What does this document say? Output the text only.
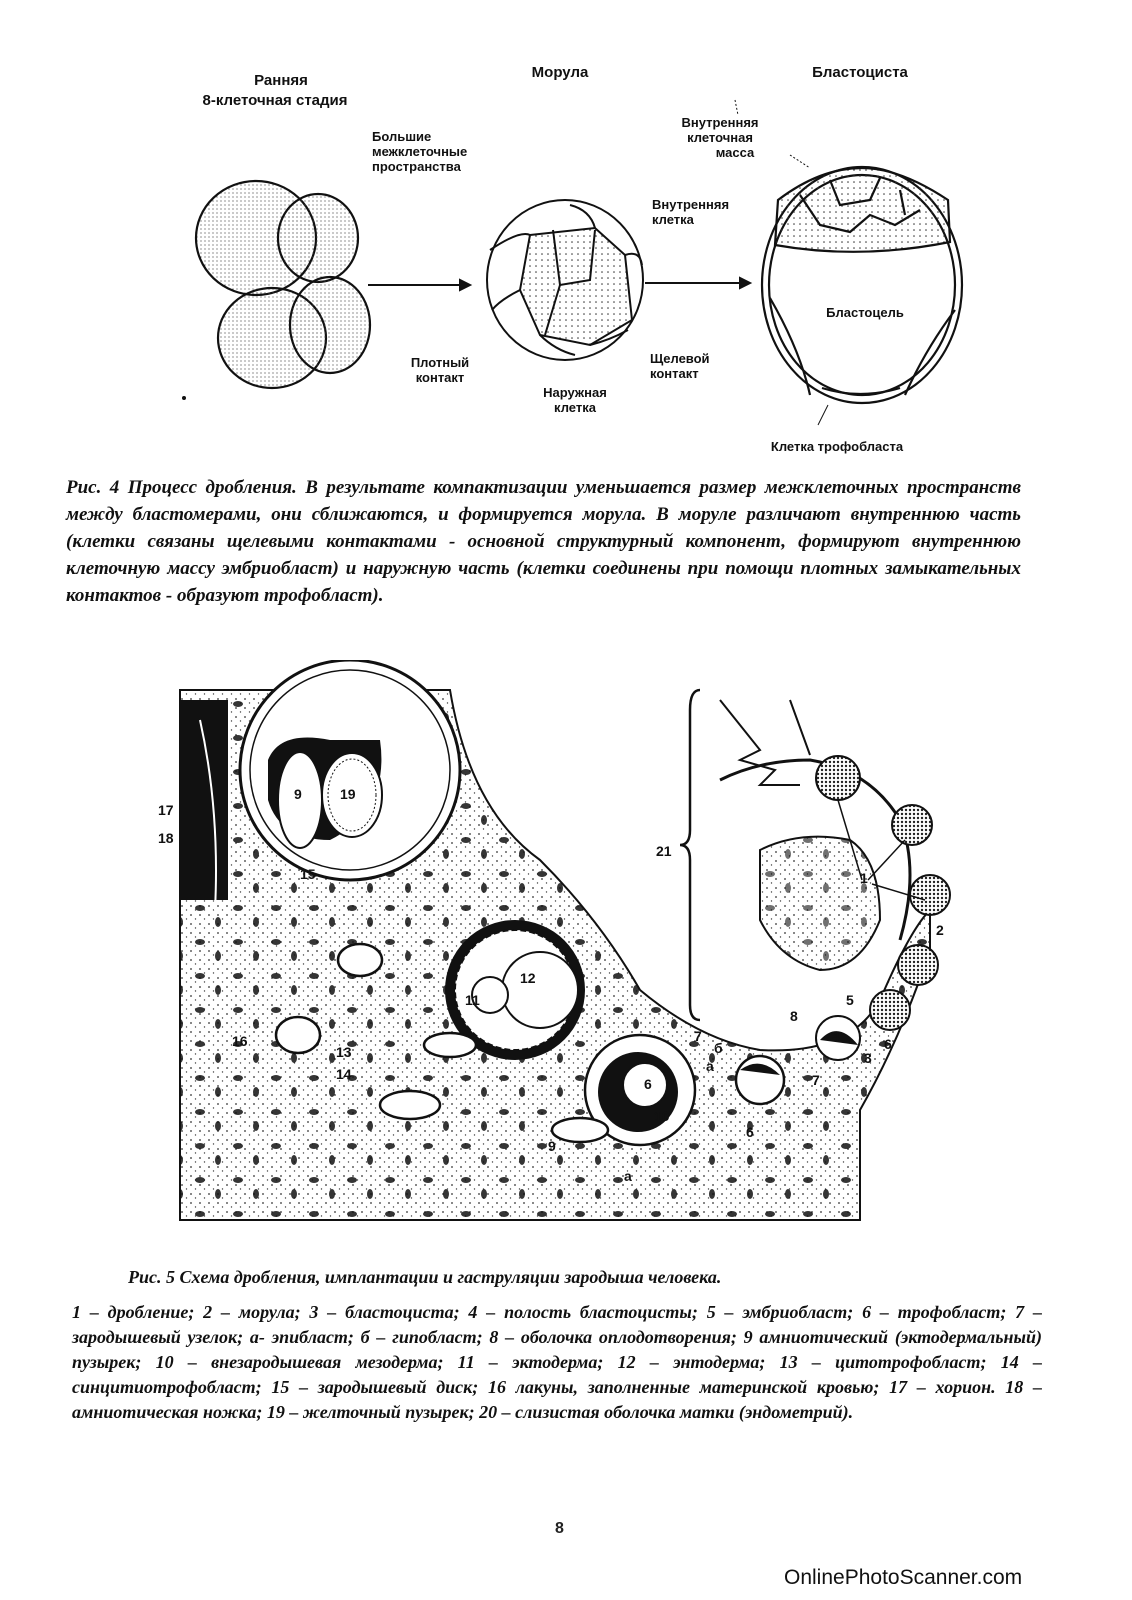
Ранняя
8-клеточная стадия
Морула	Бластоциста
Большие
межклеточные
пространства
Внутренняя
клеточная
масса
Внутренняя
клетка
Бластоцель
Плотный
контакт
Наружная
клетка
Щелевой
контакт
Клетка трофобласта
Рис. 4 Процесс дробления. В результате компактизации уменьшается размер межклеточных пространств между бластомерами, они сближаются, и формируется морула. В моруле различают внутреннюю часть (клетки связаны щелевыми контактами - основной структурный компонент, формируют внутреннюю клеточную массу эмбриобласт) и наружную часть (клетки соединены при помощи плотных замыкательных контактов - образуют трофобласт).
17
18
9	19
15
16
11
12
13
14
6
10
9
а
21
1
2
5
6
8
4
3
7
б
а
7
6
Рис. 5 Схема дробления, имплантации и гаструляции зародыша человека.
1 – дробление; 2 – морула; 3 – бластоциста; 4 – полость бластоцисты; 5 – эмбриобласт; 6 – трофобласт; 7 – зародышевый узелок; а- эпибласт; б – гипобласт; 8 – оболочка оплодотворения; 9 амниотический (эктодермальный) пузырек; 10 – внезародышевая мезодерма; 11 – эктодерма; 12 – энтодерма; 13 – цитотрофобласт; 14 – синцитиотрофобласт; 15 – зародышевый диск; 16 лакуны, заполненные материнской кровью; 17 – хорион. 18 – амниотическая ножка; 19 – желточный пузырек; 20 – слизистая оболочка матки (эндометрий).
8
OnlinePhotoScanner.com
